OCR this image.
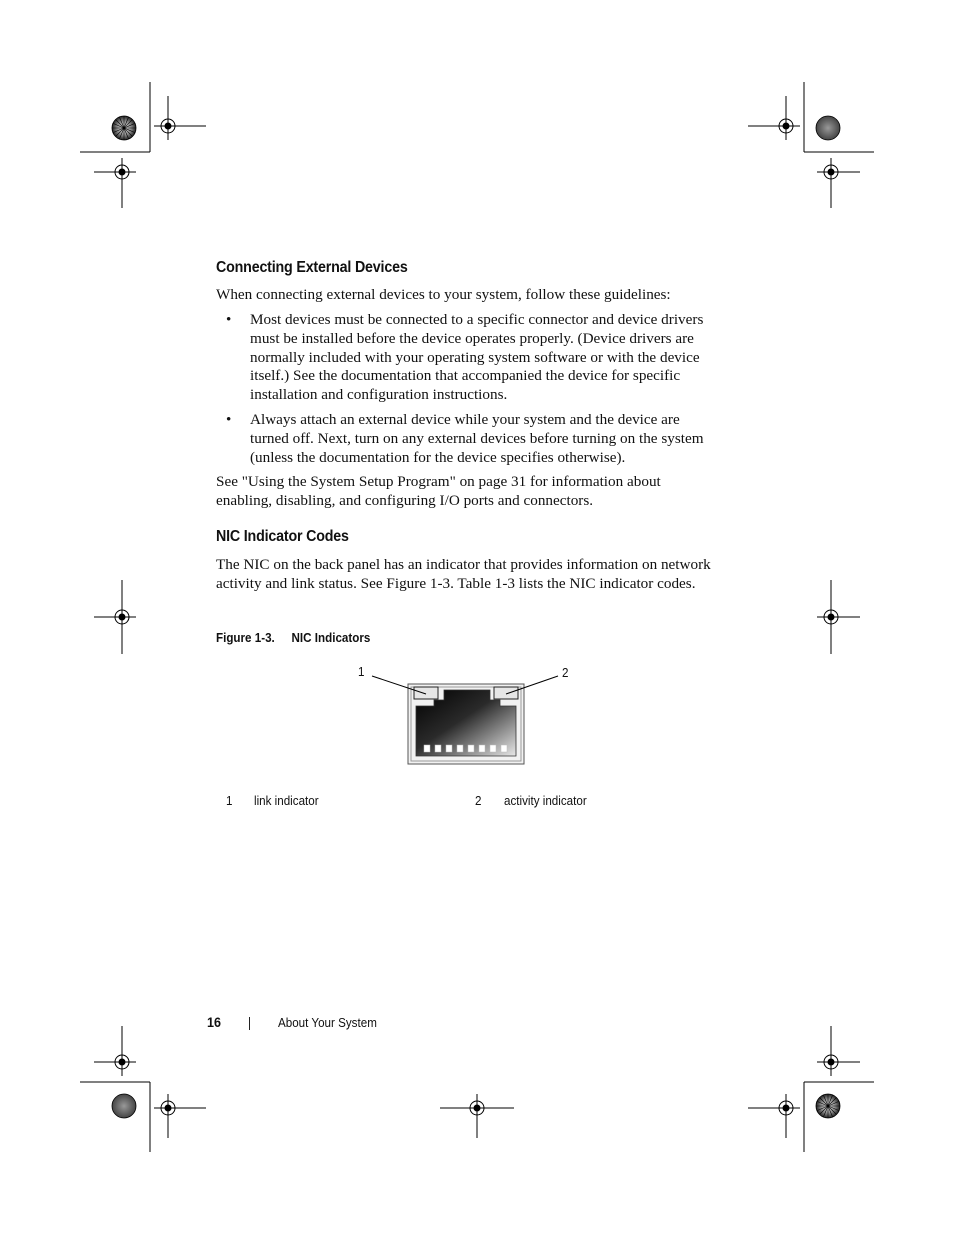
Connecting External Devices

When connecting external devices to your system, follow these guidelines:

• Most devices must be connected to a specific connector and device drivers must be installed before the device operates properly. (Device drivers are normally included with your operating system software or with the device itself.) See the documentation that accompanied the device for specific installation and configuration instructions.
• Always attach an external device while your system and the device are turned off. Next, turn on any external devices before turning on the system (unless the documentation for the device specifies otherwise).

See "Using the System Setup Program" on page 31 for information about enabling, disabling, and configuring I/O ports and connectors.

NIC Indicator Codes

The NIC on the back panel has an indicator that provides information on network activity and link status. See Figure 1-3. Table 1-3 lists the NIC indicator codes.

Figure 1-3. NIC Indicators
1	2
1 link indicator	2 activity indicator
16	About Your System
